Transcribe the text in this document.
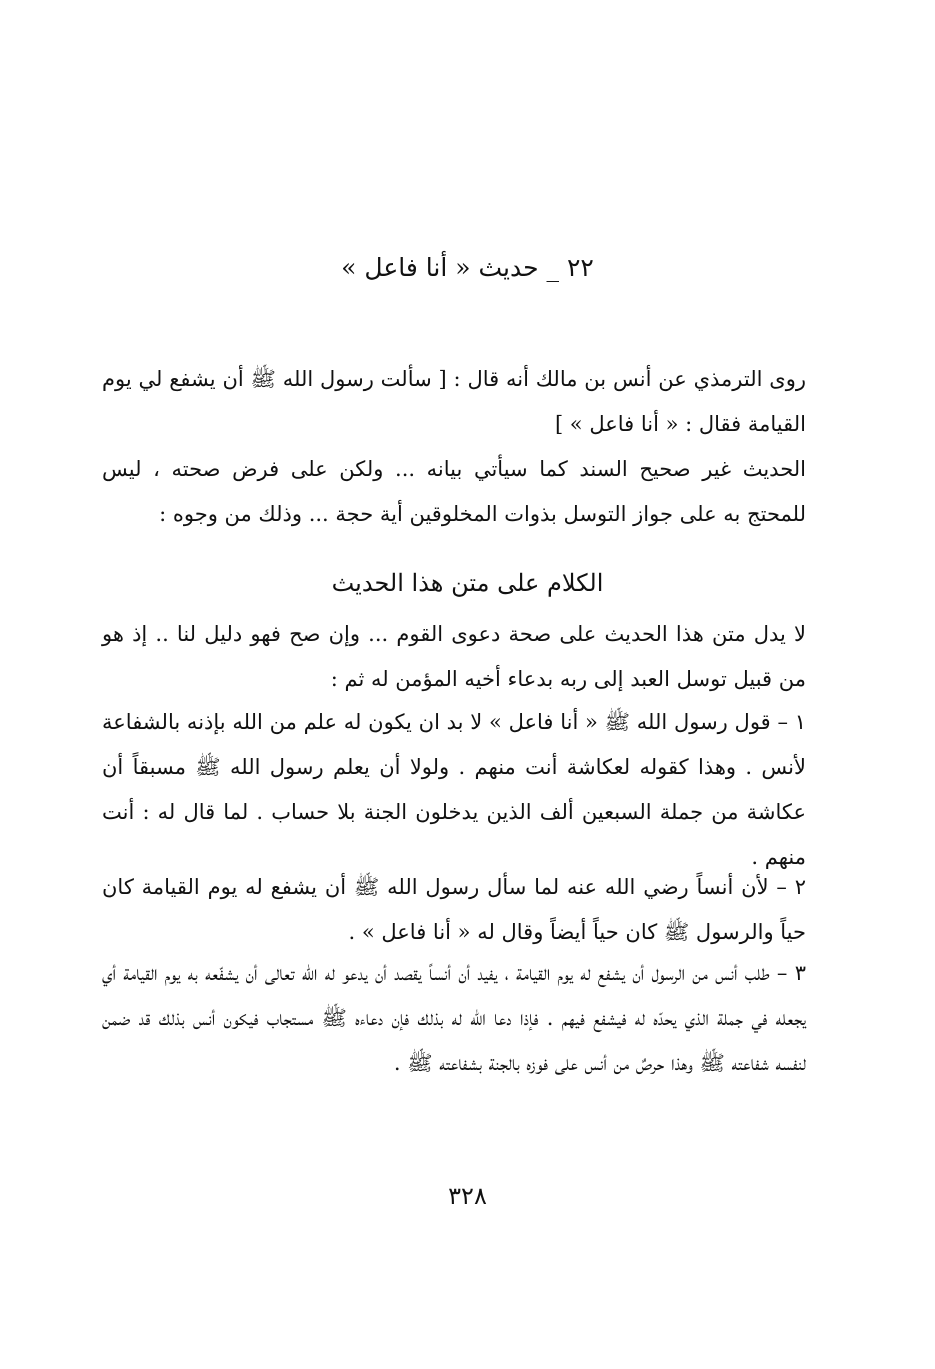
٢٢ _ حديث « أنا فاعل »

روى الترمذي عن أنس بن مالك أنه قال : [ سألت رسول الله ﷺ أن يشفع لي يوم القيامة فقال : « أنا فاعل » ]

الحديث غير صحيح السند كما سيأتي بيانه ... ولكن على فرض صحته ، ليس للمحتج به على جواز التوسل بذوات المخلوقين أية حجة ... وذلك من وجوه :

الكلام على متن هذا الحديث

لا يدل متن هذا الحديث على صحة دعوى القوم ... وإن صح فهو دليل لنا .. إذ هو من قبيل توسل العبد إلى ربه بدعاء أخيه المؤمن له ثم :

١ – قول رسول الله ﷺ « أنا فاعل » لا بد ان يكون له علم من الله بإذنه بالشفاعة لأنس . وهذا كقوله لعكاشة أنت منهم . ولولا أن يعلم رسول الله ﷺ مسبقاً أن عكاشة من جملة السبعين ألف الذين يدخلون الجنة بلا حساب . لما قال له : أنت منهم .

٢ – لأن أنساً رضي الله عنه لما سأل رسول الله ﷺ أن يشفع له يوم القيامة كان حياً والرسول ﷺ كان حياً أيضاً وقال له « أنا فاعل » .

٣ – طلب أنس من الرسول أن يشفع له يوم القيامة ، يفيد أن أنساً يقصد أن يدعو له الله تعالى أن يشفّعه به يوم القيامة أي يجعله في جملة الذي يحدّه له فيشفع فيهم . فإذا دعا الله له بذلك فإن دعاءه ﷺ مستجاب فيكون أنس بذلك قد ضمن لنفسه شفاعته ﷺ وهذا حرصٌ من أنس على فوزه بالجنة بشفاعته ﷺ .

٣٢٨
